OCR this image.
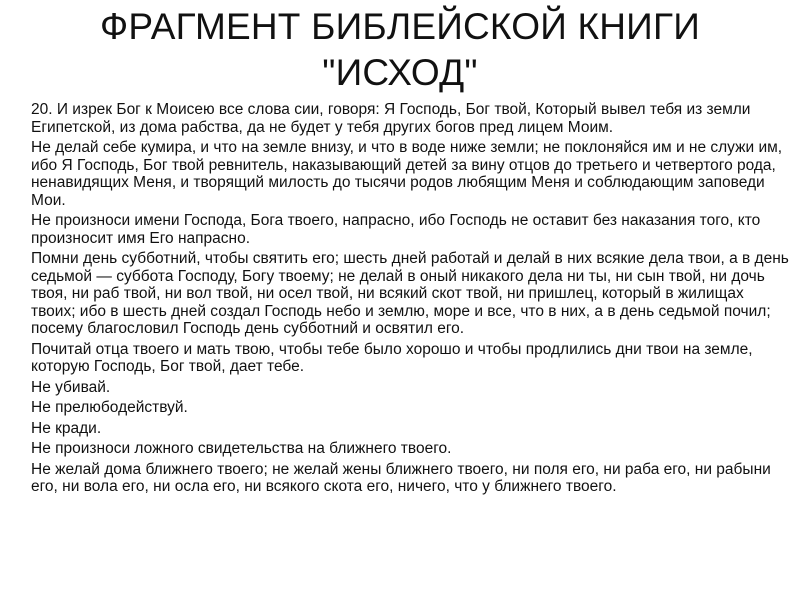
ФРАГМЕНТ БИБЛЕЙСКОЙ КНИГИ
"ИСХОД"

20. И изрек Бог к Моисею все слова сии, говоря: Я Господь, Бог твой, Который вывел тебя из земли Египетской, из дома рабства, да не будет у тебя других богов пред лицем Моим.

Не делай себе кумира, и что на земле внизу, и что в воде ниже земли; не поклоняйся им и не служи им, ибо Я Господь, Бог твой ревнитель, наказывающий детей за вину отцов до третьего и четвертого рода, ненавидящих Меня, и творящий милость до тысячи родов любящим Меня и соблюдающим заповеди Мои.

Не произноси имени Господа, Бога твоего, напрасно, ибо Господь не оставит без наказания того, кто произносит имя Его напрасно.

Помни день субботний, чтобы святить его; шесть дней работай и делай в них всякие дела твои, а в день седьмой — суббота Господу, Богу твоему; не делай в оный никакого дела ни ты, ни сын твой, ни дочь твоя, ни раб твой, ни вол твой, ни осел твой, ни всякий скот твой, ни пришлец, который в жилищах твоих; ибо в шесть дней создал Господь небо и землю, море и все, что в них, а в день седьмой почил; посему благословил Господь день субботний и освятил его.

Почитай отца твоего и мать твою, чтобы тебе было хорошо и чтобы продлились дни твои на земле, которую Господь, Бог твой, дает тебе.

Не убивай.

Не прелюбодействуй.

Не кради.

Не произноси ложного свидетельства на ближнего твоего.

Не желай дома ближнего твоего; не желай жены ближнего твоего, ни поля его, ни раба его, ни рабыни его, ни вола его, ни осла его, ни всякого скота его, ничего, что у ближнего твоего.
